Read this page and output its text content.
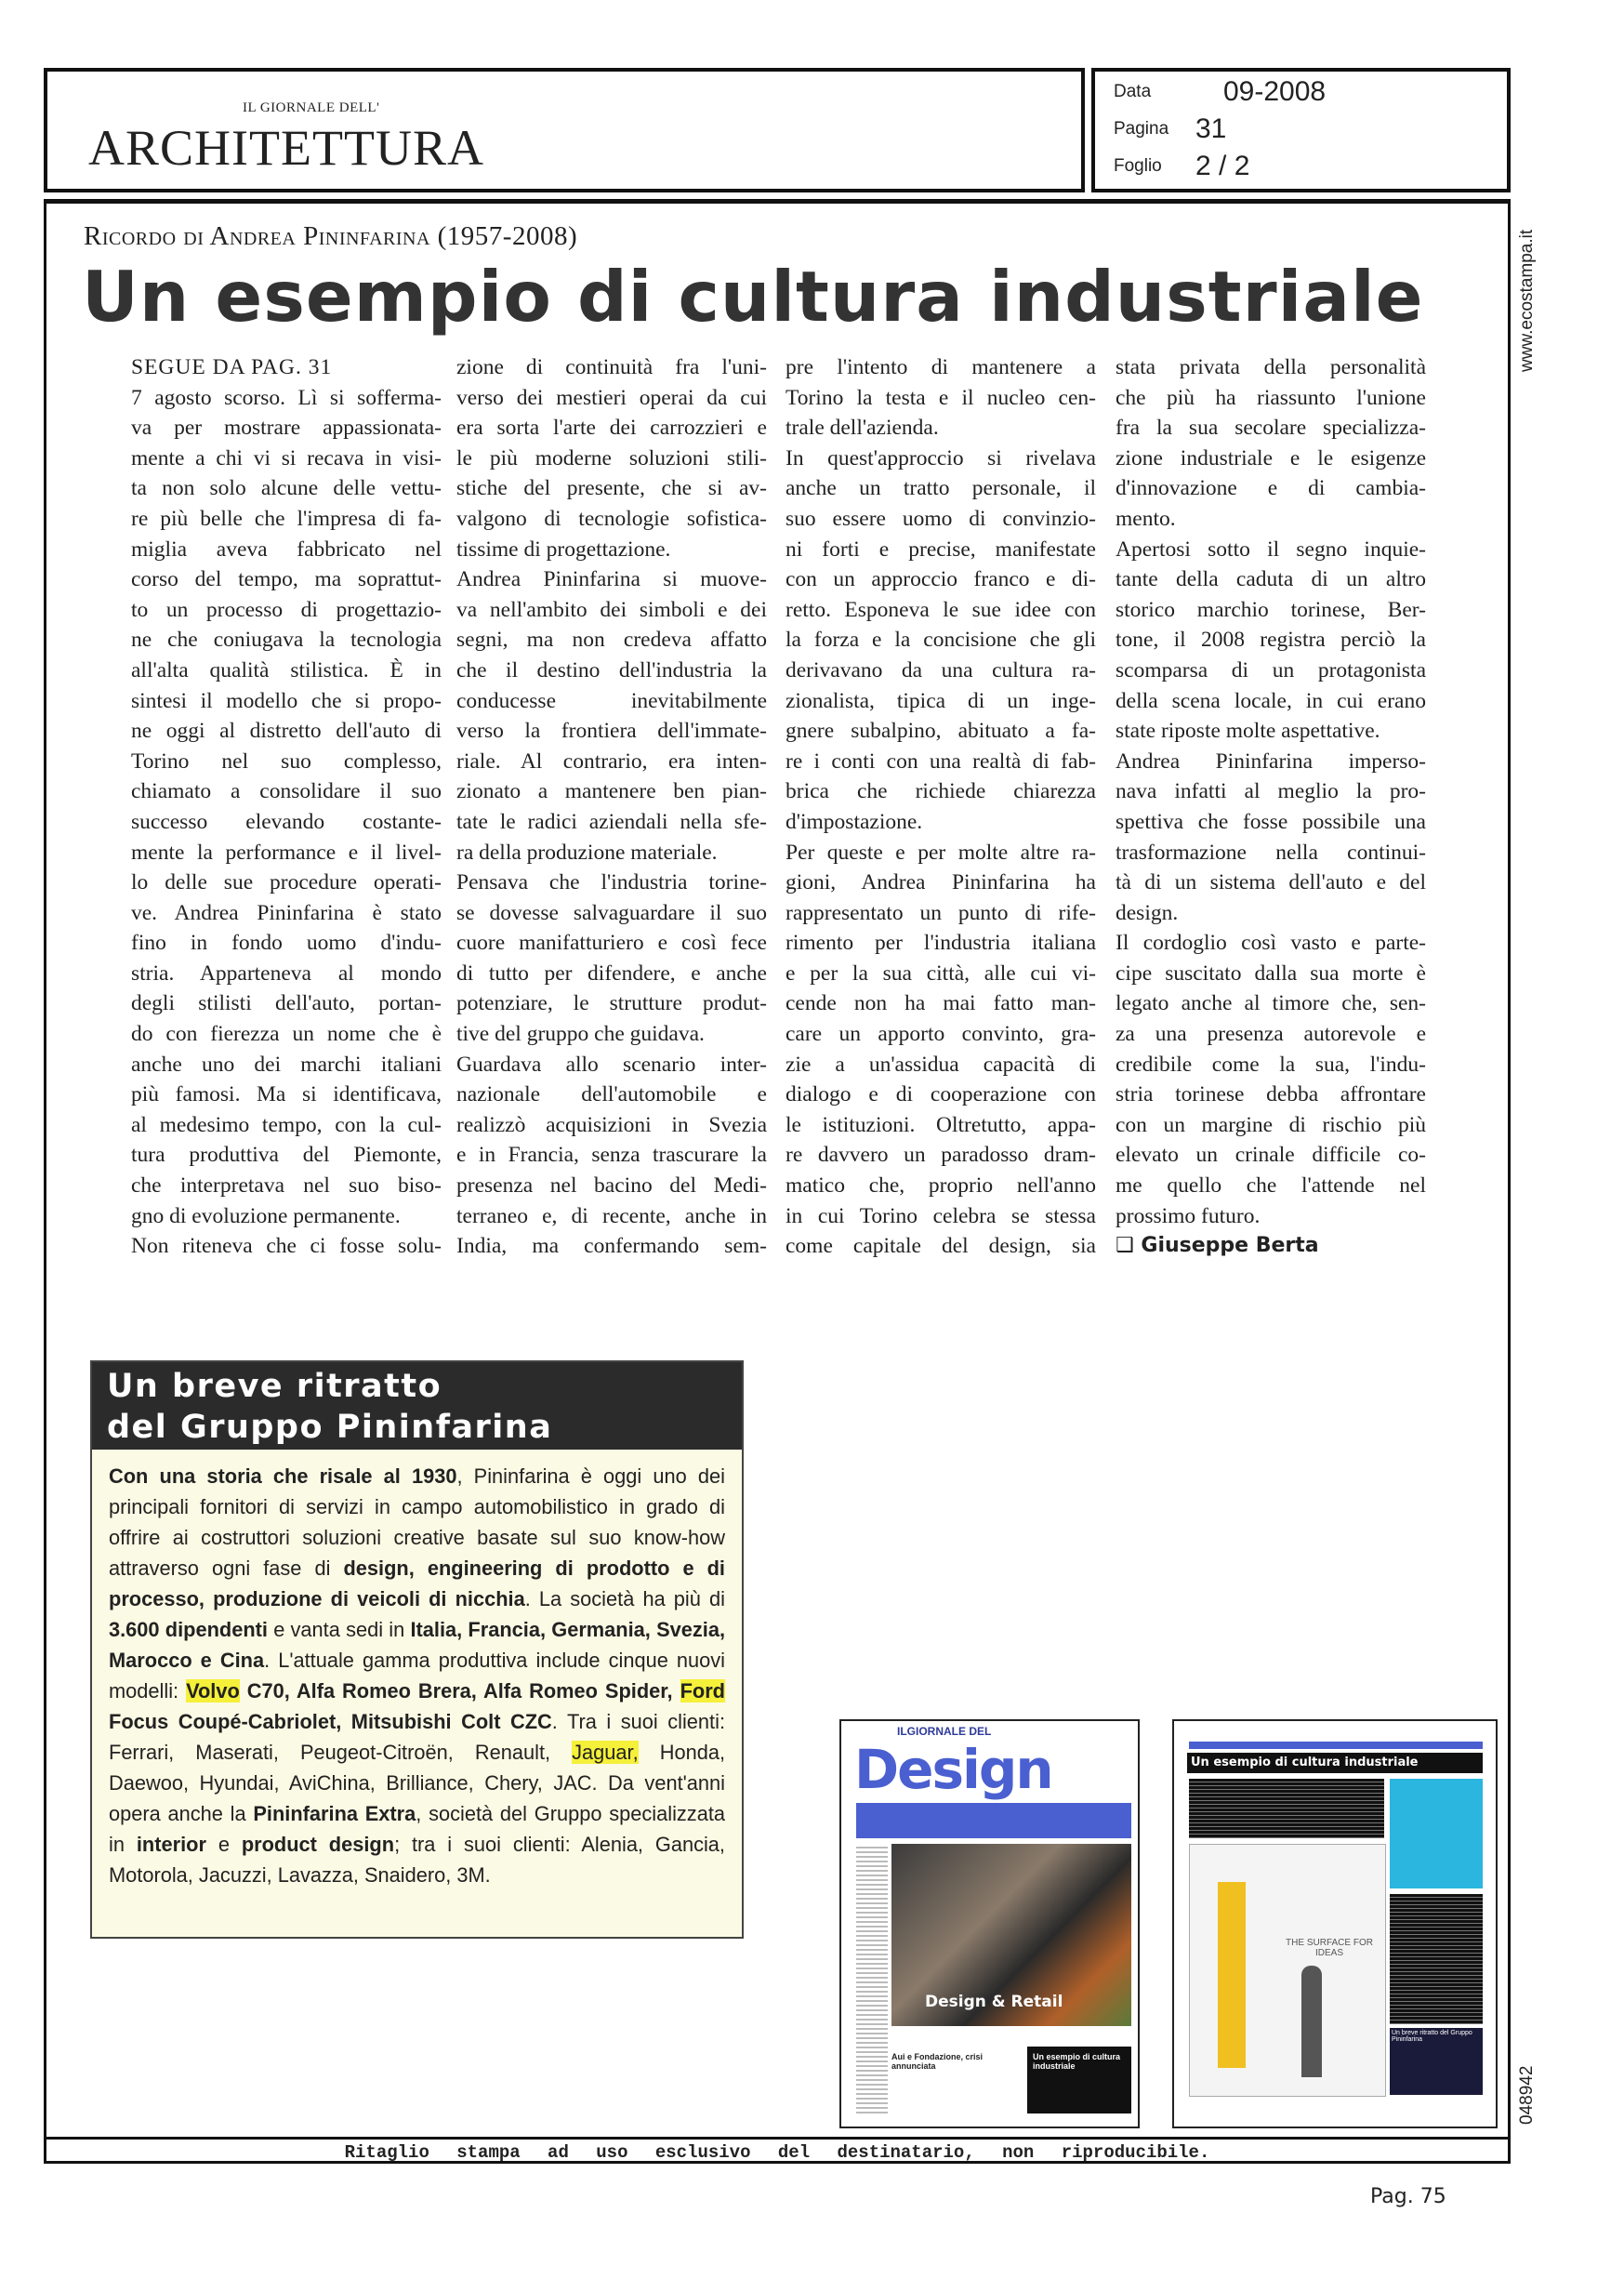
IL GIORNALE DELL'
ARCHITETTURA
Data	09-2008
Pagina 31
Foglio 2 / 2
www.ecostampa.it
048942
Ricordo di Andrea Pininfarina (1957-2008)
Un esempio di cultura industriale
SEGUE DA PAG. 31
7 agosto scorso. Lì si sofferma-
va per mostrare appassionata-
mente a chi vi si recava in visi-
ta non solo alcune delle vettu-
re più belle che l'impresa di fa-
miglia aveva fabbricato nel
corso del tempo, ma soprattut-
to un processo di progettazio-
ne che coniugava la tecnologia
all'alta qualità stilistica. È in
sintesi il modello che si propo-
ne oggi al distretto dell'auto di
Torino nel suo complesso,
chiamato a consolidare il suo
successo elevando costante-
mente la performance e il livel-
lo delle sue procedure operati-
ve. Andrea Pininfarina è stato
fino in fondo uomo d'indu-
stria. Apparteneva al mondo
degli stilisti dell'auto, portan-
do con fierezza un nome che è
anche uno dei marchi italiani
più famosi. Ma si identificava,
al medesimo tempo, con la cul-
tura produttiva del Piemonte,
che interpretava nel suo biso-
gno di evoluzione permanente.
Non riteneva che ci fosse solu-
zione di continuità fra l'uni-
verso dei mestieri operai da cui
era sorta l'arte dei carrozzieri e
le più moderne soluzioni stili-
stiche del presente, che si av-
valgono di tecnologie sofistica-
tissime di progettazione.
Andrea Pininfarina si muove-
va nell'ambito dei simboli e dei
segni, ma non credeva affatto
che il destino dell'industria la
conducesse inevitabilmente
verso la frontiera dell'immate-
riale. Al contrario, era inten-
zionato a mantenere ben pian-
tate le radici aziendali nella sfe-
ra della produzione materiale.
Pensava che l'industria torine-
se dovesse salvaguardare il suo
cuore manifatturiero e così fece
di tutto per difendere, e anche
potenziare, le strutture produt-
tive del gruppo che guidava.
Guardava allo scenario inter-
nazionale dell'automobile e
realizzò acquisizioni in Svezia
e in Francia, senza trascurare la
presenza nel bacino del Medi-
terraneo e, di recente, anche in
India, ma confermando sem-
pre l'intento di mantenere a
Torino la testa e il nucleo cen-
trale dell'azienda.
In quest'approccio si rivelava
anche un tratto personale, il
suo essere uomo di convinzio-
ni forti e precise, manifestate
con un approccio franco e di-
retto. Esponeva le sue idee con
la forza e la concisione che gli
derivavano da una cultura ra-
zionalista, tipica di un inge-
gnere subalpino, abituato a fa-
re i conti con una realtà di fab-
brica che richiede chiarezza
d'impostazione.
Per queste e per molte altre ra-
gioni, Andrea Pininfarina ha
rappresentato un punto di rife-
rimento per l'industria italiana
e per la sua città, alle cui vi-
cende non ha mai fatto man-
care un apporto convinto, gra-
zie a un'assidua capacità di
dialogo e di cooperazione con
le istituzioni. Oltretutto, appa-
re davvero un paradosso dram-
matico che, proprio nell'anno
in cui Torino celebra se stessa
come capitale del design, sia
stata privata della personalità
che più ha riassunto l'unione
fra la sua secolare specializza-
zione industriale e le esigenze
d'innovazione e di cambia-
mento.
Apertosi sotto il segno inquie-
tante della caduta di un altro
storico marchio torinese, Ber-
tone, il 2008 registra perciò la
scomparsa di un protagonista
della scena locale, in cui erano
state riposte molte aspettative.
Andrea Pininfarina imperso-
nava infatti al meglio la pro-
spettiva che fosse possibile una
trasformazione nella continui-
tà di un sistema dell'auto e del
design.
Il cordoglio così vasto e parte-
cipe suscitato dalla sua morte è
legato anche al timore che, sen-
za una presenza autorevole e
credibile come la sua, l'indu-
stria torinese debba affrontare
con un margine di rischio più
elevato un crinale difficile co-
me quello che l'attende nel
prossimo futuro.
❑ Giuseppe Berta
Un breve ritratto
del Gruppo Pininfarina
Con una storia che risale al 1930, Pininfarina è oggi uno dei principali fornitori di servizi in campo automobilistico in grado di offrire ai costruttori soluzioni creative basate sul suo know-how attraverso ogni fase di design, engineering di prodotto e di processo, produzione di veicoli di nicchia. La società ha più di 3.600 dipendenti e vanta sedi in Italia, Francia, Germania, Svezia, Marocco e Cina. L'attuale gamma produttiva include cinque nuovi modelli: Volvo C70, Alfa Romeo Brera, Alfa Romeo Spider, Ford Focus Coupé-Cabriolet, Mitsubishi Colt CZC. Tra i suoi clienti: Ferrari, Maserati, Peugeot-Citroën, Renault, Jaguar, Honda, Daewoo, Hyundai, AviChina, Brilliance, Chery, JAC. Da vent'anni opera anche la Pininfarina Extra, società del Gruppo specializzata in interior e product design; tra i suoi clienti: Alenia, Gancia, Motorola, Jacuzzi, Lavazza, Snaidero, 3M.
ILGIORNALE DEL
Design
Design & Retail
Aui e Fondazione, crisi annunciata
Un esempio di cultura industriale
Un esempio di cultura industriale
THE SURFACE FOR IDEAS
Un breve ritratto del Gruppo Pininfarina
Ritaglio stampa ad uso esclusivo del destinatario, non riproducibile.
Pag. 75
